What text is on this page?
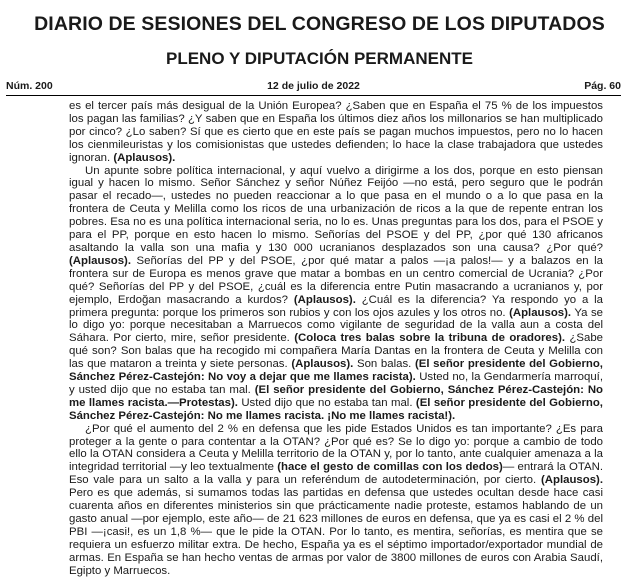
DIARIO DE SESIONES DEL CONGRESO DE LOS DIPUTADOS
PLENO Y DIPUTACIÓN PERMANENTE
Núm. 200	12 de julio de 2022	Pág. 60

es el tercer país más desigual de la Unión Europea? ¿Saben que en España el 75 % de los impuestos los pagan las familias? ¿Y saben que en España los últimos diez años los millonarios se han multiplicado por cinco? ¿Lo saben? Sí que es cierto que en este país se pagan muchos impuestos, pero no lo hacen los cienmileuristas y los comisionistas que ustedes defienden; lo hace la clase trabajadora que ustedes ignoran. (Aplausos).

Un apunte sobre política internacional, y aquí vuelvo a dirigirme a los dos, porque en esto piensan igual y hacen lo mismo. Señor Sánchez y señor Núñez Feijóo —no está, pero seguro que le podrán pasar el recado—, ustedes no pueden reaccionar a lo que pasa en el mundo o a lo que pasa en la frontera de Ceuta y Melilla como los ricos de una urbanización de ricos a la que de repente entran los pobres. Esa no es una política internacional seria, no lo es. Unas preguntas para los dos, para el PSOE y para el PP, porque en esto hacen lo mismo. Señorías del PSOE y del PP, ¿por qué 130 africanos asaltando la valla son una mafia y 130 000 ucranianos desplazados son una causa? ¿Por qué? (Aplausos). Señorías del PP y del PSOE, ¿por qué matar a palos —¡a palos!— y a balazos en la frontera sur de Europa es menos grave que matar a bombas en un centro comercial de Ucrania? ¿Por qué? Señorías del PP y del PSOE, ¿cuál es la diferencia entre Putin masacrando a ucranianos y, por ejemplo, Erdoğan masacrando a kurdos? (Aplausos). ¿Cuál es la diferencia? Ya respondo yo a la primera pregunta: porque los primeros son rubios y con los ojos azules y los otros no. (Aplausos). Ya se lo digo yo: porque necesitaban a Marruecos como vigilante de seguridad de la valla aun a costa del Sáhara. Por cierto, mire, señor presidente. (Coloca tres balas sobre la tribuna de oradores). ¿Sabe qué son? Son balas que ha recogido mi compañera María Dantas en la frontera de Ceuta y Melilla con las que mataron a treinta y siete personas. (Aplausos). Son balas. (El señor presidente del Gobierno, Sánchez Pérez-Castejón: No voy a dejar que me llames racista). Usted no, la Gendarmería marroquí, y usted dijo que no estaba tan mal. (El señor presidente del Gobierno, Sánchez Pérez-Castejón: No me llames racista.—Protestas). Usted dijo que no estaba tan mal. (El señor presidente del Gobierno, Sánchez Pérez-Castejón: No me llames racista. ¡No me llames racista!).

¿Por qué el aumento del 2 % en defensa que les pide Estados Unidos es tan importante? ¿Es para proteger a la gente o para contentar a la OTAN? ¿Por qué es? Se lo digo yo: porque a cambio de todo ello la OTAN considera a Ceuta y Melilla territorio de la OTAN y, por lo tanto, ante cualquier amenaza a la integridad territorial —y leo textualmente (hace el gesto de comillas con los dedos)— entrará la OTAN. Eso vale para un salto a la valla y para un referéndum de autodeterminación, por cierto. (Aplausos). Pero es que además, si sumamos todas las partidas en defensa que ustedes ocultan desde hace casi cuarenta años en diferentes ministerios sin que prácticamente nadie proteste, estamos hablando de un gasto anual —por ejemplo, este año— de 21 623 millones de euros en defensa, que ya es casi el 2 % del PBI —¡casi!, es un 1,8 %— que le pide la OTAN. Por lo tanto, es mentira, señorías, es mentira que se requiera un esfuerzo militar extra. De hecho, España ya es el séptimo importador/exportador mundial de armas. En España se han hecho ventas de armas por valor de 3800 millones de euros con Arabia Saudí, Egipto y Marruecos.
